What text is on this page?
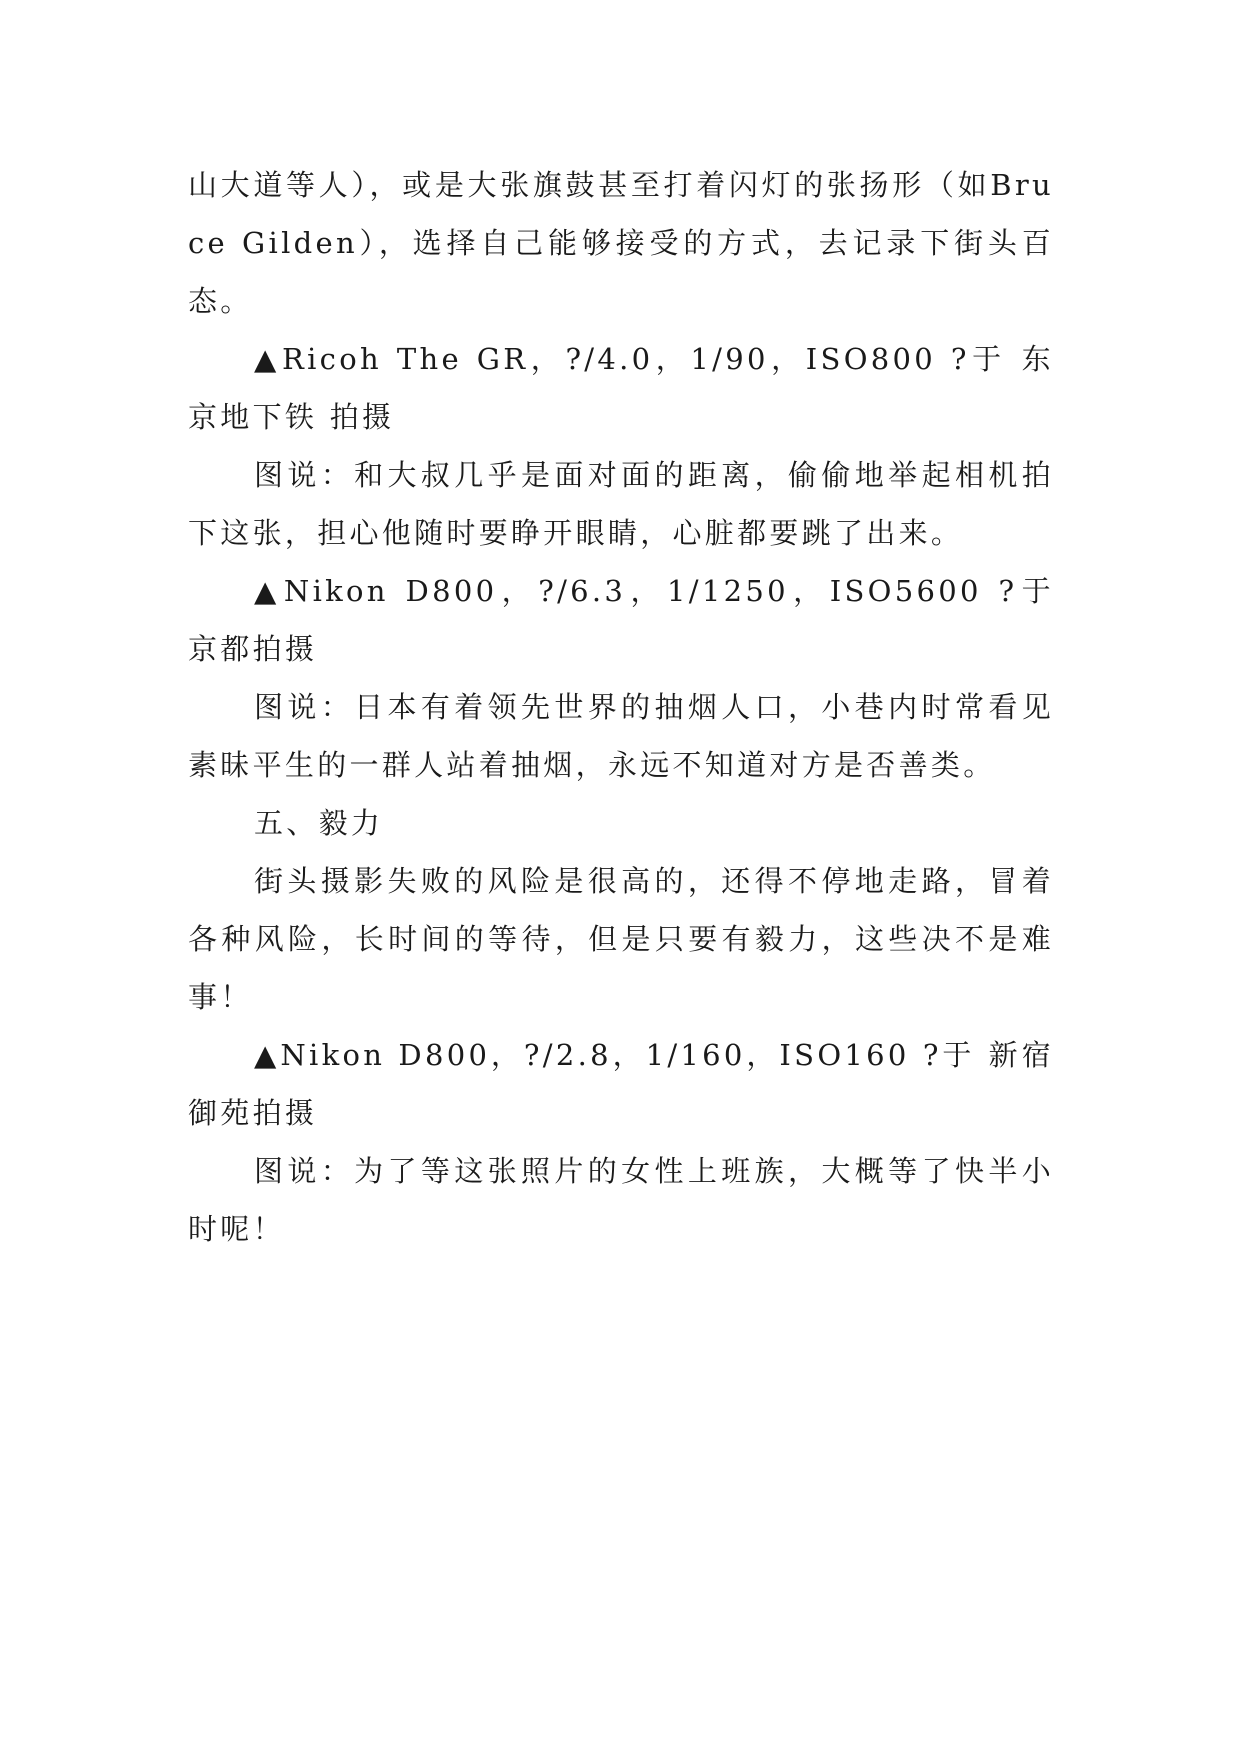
山大道等人），或是大张旗鼓甚至打着闪灯的张扬形（如Bruce Gilden），选择自己能够接受的方式，去记录下街头百态。

▲Ricoh The GR，?/4.0，1/90，ISO800 ?于 东京地下铁 拍摄

图说：和大叔几乎是面对面的距离，偷偷地举起相机拍下这张，担心他随时要睁开眼睛，心脏都要跳了出来。

▲Nikon D800，?/6.3，1/1250，ISO5600 ?于 京都拍摄

图说：日本有着领先世界的抽烟人口，小巷内时常看见素昧平生的一群人站着抽烟，永远不知道对方是否善类。

五、毅力

街头摄影失败的风险是很高的，还得不停地走路，冒着各种风险，长时间的等待，但是只要有毅力，这些决不是难事！

▲Nikon D800，?/2.8，1/160，ISO160 ?于 新宿御苑拍摄

图说：为了等这张照片的女性上班族，大概等了快半小时呢！
